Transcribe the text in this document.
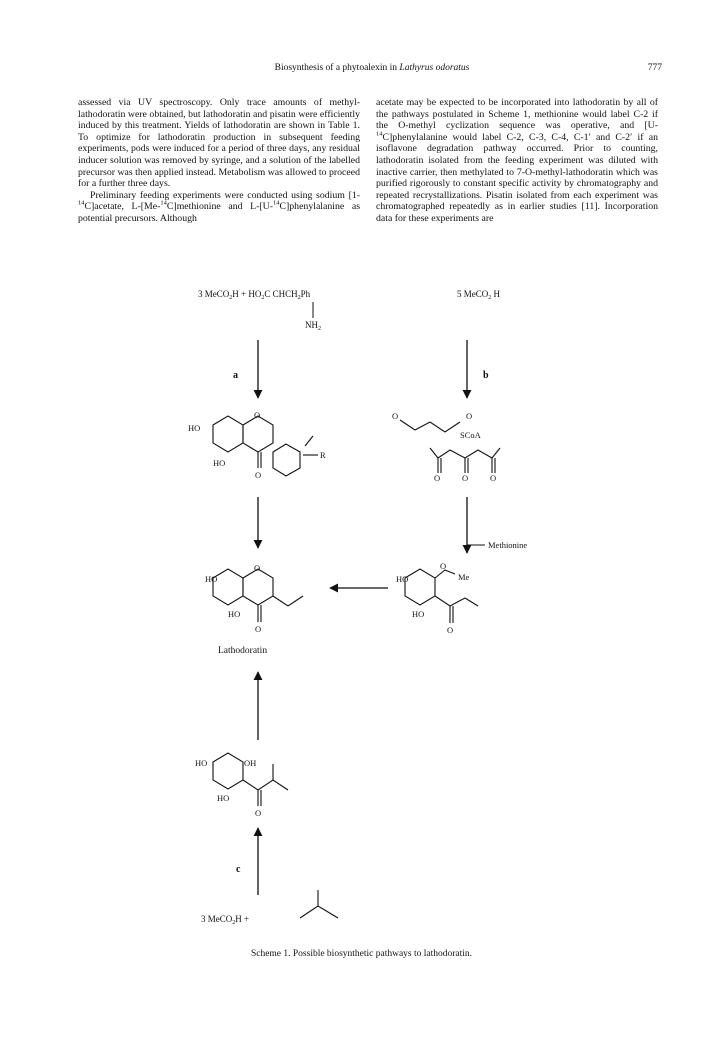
Biosynthesis of a phytoalexin in Lathyrus odoratus	777

assessed via UV spectroscopy. Only trace amounts of methyl-lathodoratin were obtained, but lathodoratin and pisatin were efficiently induced by this treatment. Yields of lathodoratin are shown in Table 1. To optimize for lathodoratin production in subsequent feeding experiments, pods were induced for a period of three days, any residual inducer solution was removed by syringe, and a solution of the labelled precursor was then applied instead. Metabolism was allowed to proceed for a further three days.

Preliminary feeding experiments were conducted using sodium [1-$^{14}$C]acetate, L-[Me-$^{14}$C]methionine and L-[U-$^{14}$C]phenylalanine as potential precursors. Although

acetate may be expected to be incorporated into lathodoratin by all of the pathways postulated in Scheme 1, methionine would label C-2 if the O-methyl cyclization sequence was operative, and [U-$^{14}$C]phenylalanine would label C-2, C-3, C-4, C-1′ and C-2′ if an isoflavone degradation pathway occurred. Prior to counting, lathodoratin isolated from the feeding experiment was diluted with inactive carrier, then methylated to 7-O-methyl-lathodoratin which was purified rigorously to constant specific activity by chromatography and repeated recrystallizations. Pisatin isolated from each experiment was chromatographed repeatedly as in earlier studies [11]. Incorporation data for these experiments are

3 MeCO$_2$H + $HO_2C$ $CHCH_2Ph$
$NH_2$
5 MeCO$_2$ H
a	b
HO
HO
O
O
R
O	O
SCoA
O	O	O
Methionine
HO
HO
O
O
Lathodoratin
HO
HO
O
Me
O
HO	OH
HO
O
c
3 MeCO$_2$H +
Scheme 1. Possible biosynthetic pathways to lathodoratin.
